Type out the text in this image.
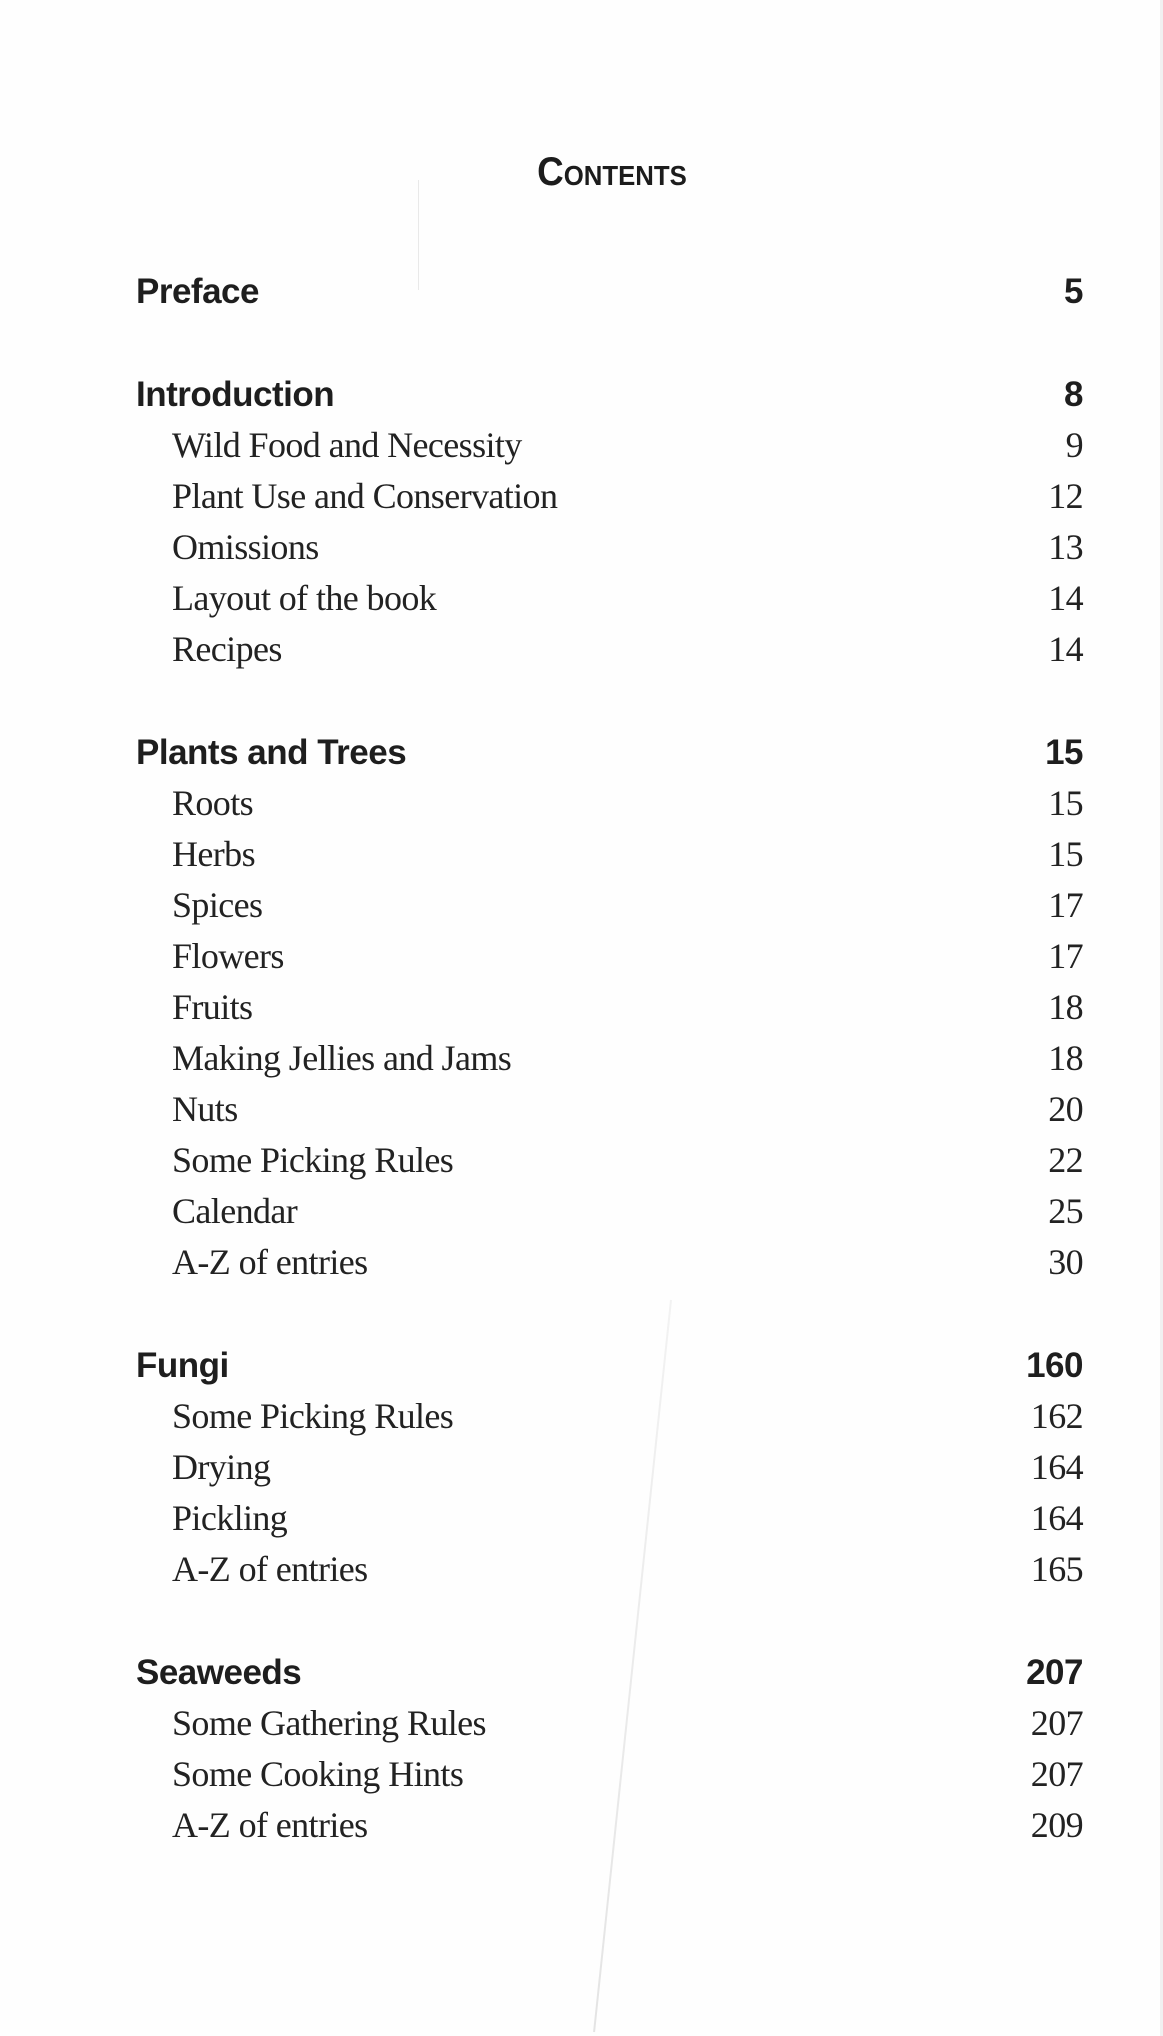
Contents
Preface	5
Introduction	8
Wild Food and Necessity	9
Plant Use and Conservation	12
Omissions	13
Layout of the book	14
Recipes	14
Plants and Trees	15
Roots	15
Herbs	15
Spices	17
Flowers	17
Fruits	18
Making Jellies and Jams	18
Nuts	20
Some Picking Rules	22
Calendar	25
A-Z of entries	30
Fungi	160
Some Picking Rules	162
Drying	164
Pickling	164
A-Z of entries	165
Seaweeds	207
Some Gathering Rules	207
Some Cooking Hints	207
A-Z of entries	209
